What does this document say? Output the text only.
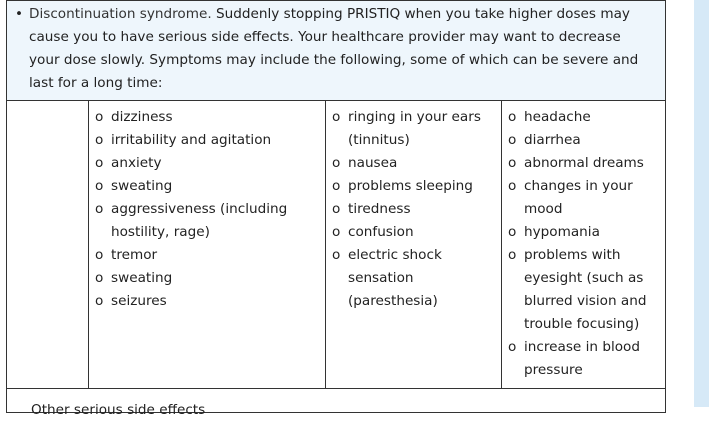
• Discontinuation syndrome. Suddenly stopping PRISTIQ when you take higher doses may cause you to have serious side effects. Your healthcare provider may want to decrease your dose slowly. Symptoms may include the following, some of which can be severe and last for a long time:

o dizziness
o irritability and agitation
o anxiety
o sweating
o aggressiveness (including hostility, rage)
o tremor
o sweating
o seizures

o ringing in your ears (tinnitus)
o nausea
o problems sleeping
o tiredness
o confusion
o electric shock sensation (paresthesia)

o headache
o diarrhea
o abnormal dreams
o changes in your mood
o hypomania
o problems with eyesight (such as blurred vision and trouble focusing)
o increase in blood pressure

Other serious side effects
